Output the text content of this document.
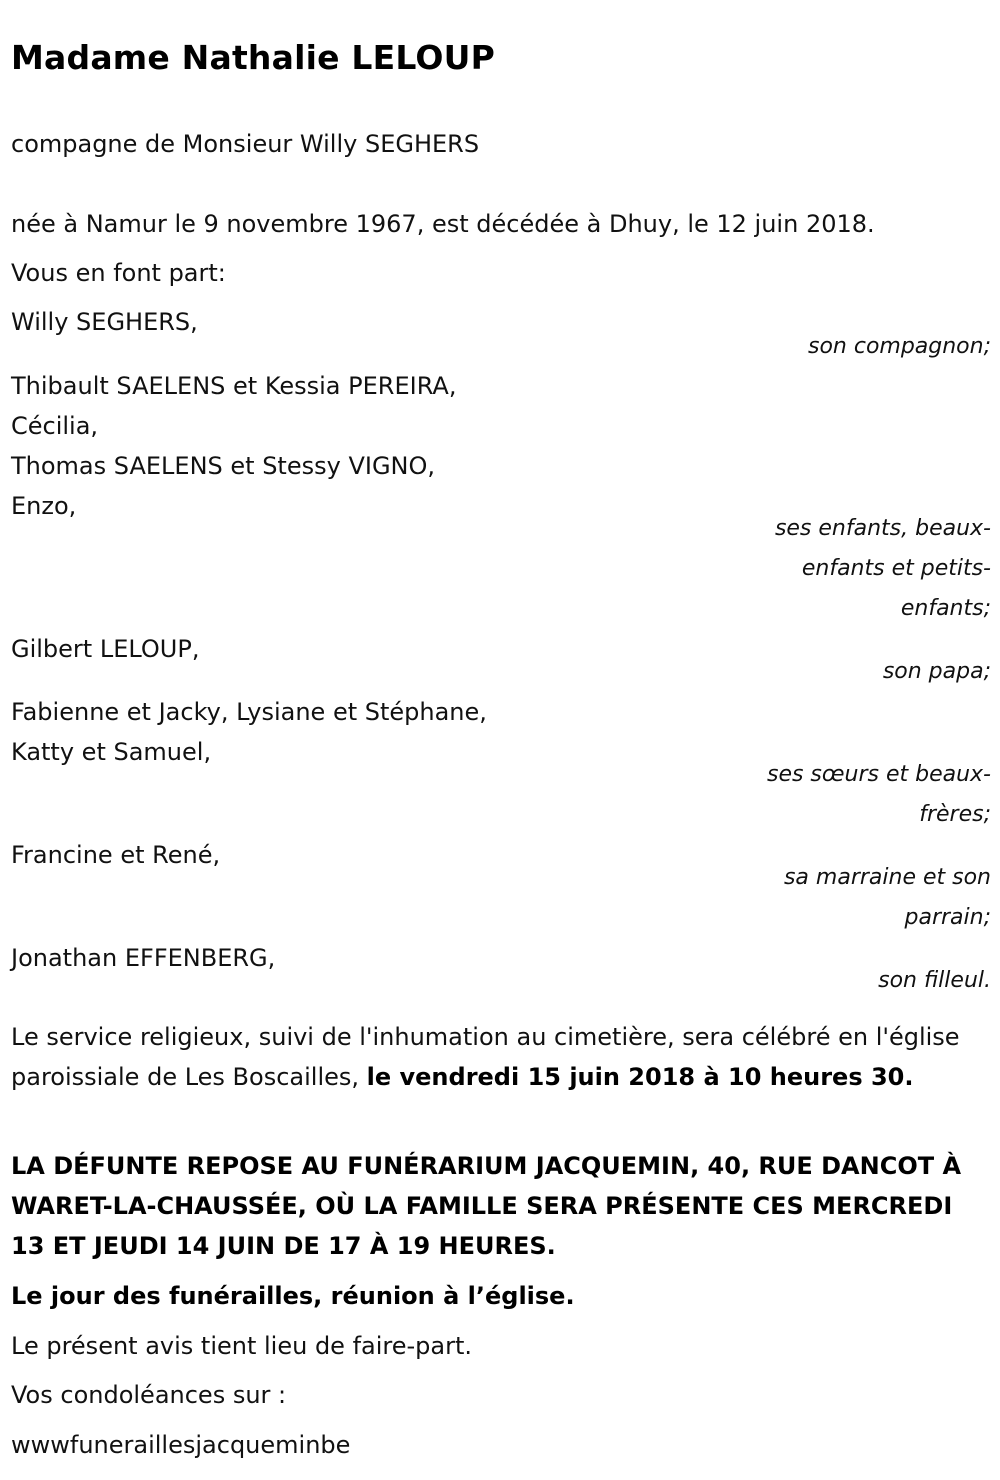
Madame Nathalie LELOUP
compagne de Monsieur Willy SEGHERS
née à Namur le 9 novembre 1967, est décédée à Dhuy, le 12 juin 2018.
Vous en font part:
Willy SEGHERS,
son compagnon;
Thibault SAELENS et Kessia PEREIRA,
Cécilia,
Thomas SAELENS et Stessy VIGNO,
Enzo,
ses enfants, beaux-
enfants et petits-
enfants;
Gilbert LELOUP,
son papa;
Fabienne et Jacky, Lysiane et Stéphane,
Katty et Samuel,
ses sœurs et beaux-
frères;
Francine et René,
sa marraine et son
parrain;
Jonathan EFFENBERG,
son filleul.
Le service religieux, suivi de l'inhumation au cimetière, sera célébré en l'église paroissiale de Les Boscailles, le vendredi 15 juin 2018 à 10 heures 30.
LA DÉFUNTE REPOSE AU FUNÉRARIUM JACQUEMIN, 40, RUE DANCOT À WARET-LA-CHAUSSÉE, OÙ LA FAMILLE SERA PRÉSENTE CES MERCREDI 13 ET JEUDI 14 JUIN DE 17 À 19 HEURES.
Le jour des funérailles, réunion à l’église.
Le présent avis tient lieu de faire-part.
Vos condoléances sur :
wwwfuneraillesjacqueminbe
